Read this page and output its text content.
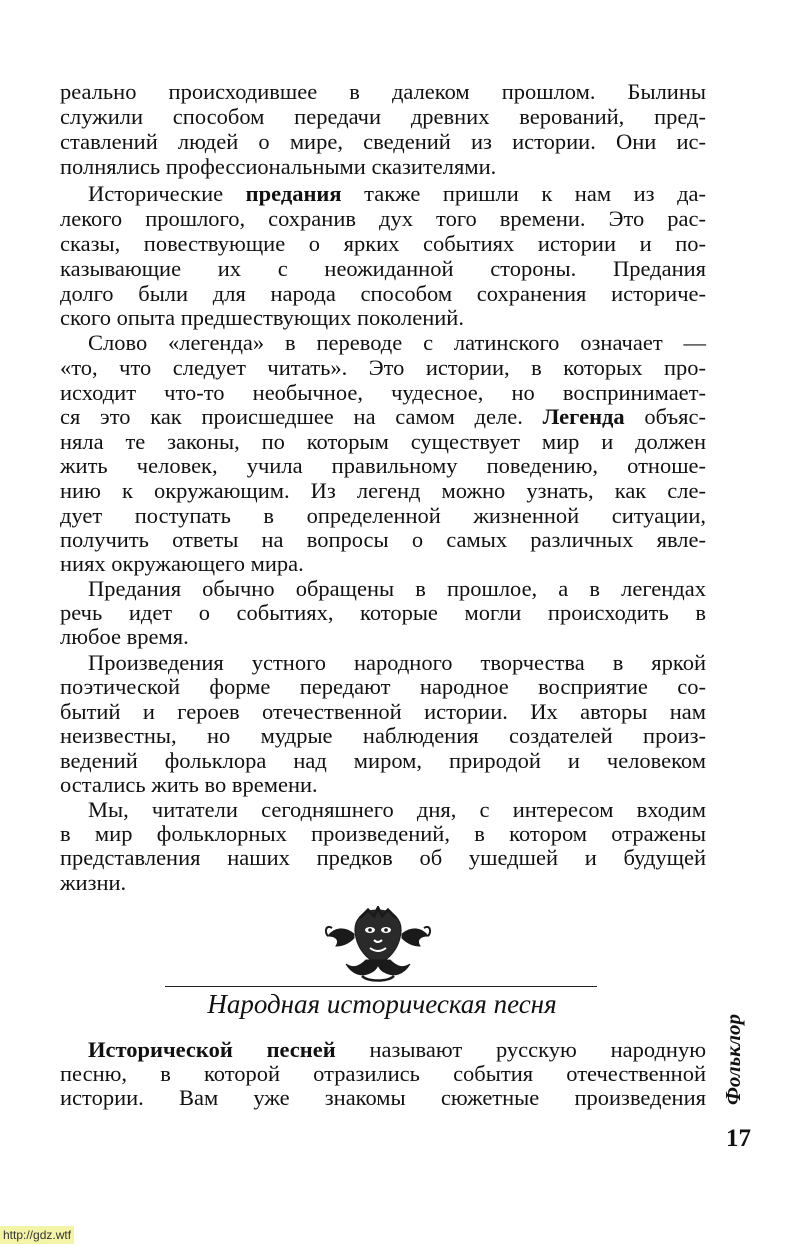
реально происходившее в далеком прошлом. Былины
служили способом передачи древних верований, пред-
ставлений людей о мире, сведений из истории. Они ис-
полнялись профессиональными сказителями.
Исторические предания также пришли к нам из да-
лекого прошлого, сохранив дух того времени. Это рас-
сказы, повествующие о ярких событиях истории и по-
казывающие их с неожиданной стороны. Предания
долго были для народа способом сохранения историче-
ского опыта предшествующих поколений.
Слово «легенда» в переводе с латинского означает —
«то, что следует читать». Это истории, в которых про-
исходит что-то необычное, чудесное, но воспринимает-
ся это как происшедшее на самом деле. Легенда объяс-
няла те законы, по которым существует мир и должен
жить человек, учила правильному поведению, отноше-
нию к окружающим. Из легенд можно узнать, как сле-
дует поступать в определенной жизненной ситуации,
получить ответы на вопросы о самых различных явле-
ниях окружающего мира.
Предания обычно обращены в прошлое, а в легендах
речь идет о событиях, которые могли происходить в
любое время.
Произведения устного народного творчества в яркой
поэтической форме передают народное восприятие со-
бытий и героев отечественной истории. Их авторы нам
неизвестны, но мудрые наблюдения создателей произ-
ведений фольклора над миром, природой и человеком
остались жить во времени.
Мы, читатели сегодняшнего дня, с интересом входим
в мир фольклорных произведений, в котором отражены
представления наших предков об ушедшей и будущей
жизни.
Народная историческая песня
Исторической песней называют русскую народную
песню, в которой отразились события отечественной
истории. Вам уже знакомы сюжетные произведения Фольклор
17
http://gdz.wtf
